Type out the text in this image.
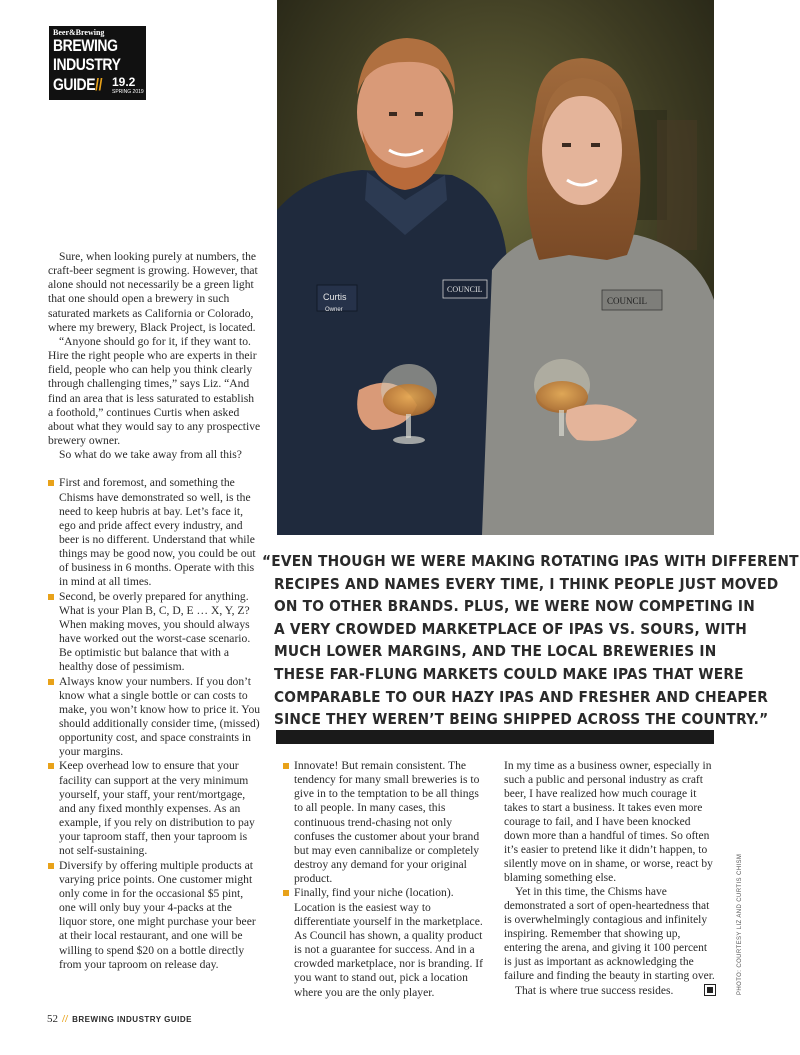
Beer&Brewing
BREWING
INDUSTRY
GUIDE// 19.2
SPRING 2019
Curtis
Owner
COUNCIL
COUNCIL

Sure, when looking purely at numbers, the craft-beer segment is growing. However, that alone should not necessarily be a green light that one should open a brewery in such saturated markets as California or Colorado, where my brewery, Black Project, is located.

“Anyone should go for it, if they want to. Hire the right people who are experts in their field, people who can help you think clearly through challenging times,” says Liz. “And find an area that is less saturated to establish a foothold,” continues Curtis when asked about what they would say to any prospective brewery owner.

So what do we take away from all this?

First and foremost, and something the Chisms have demonstrated so well, is the need to keep hubris at bay. Let’s face it, ego and pride affect every industry, and beer is no different. Understand that while things may be good now, you could be out of business in 6 months. Operate with this in mind at all times.
Second, be overly prepared for anything. What is your Plan B, C, D, E … X, Y, Z? When making moves, you should always have worked out the worst-case scenario. Be optimistic but balance that with a healthy dose of pessimism.
Always know your numbers. If you don’t know what a single bottle or can costs to make, you won’t know how to price it. You should additionally consider time, (missed) opportunity cost, and space constraints in your margins.
Keep overhead low to ensure that your facility can support at the very minimum yourself, your staff, your rent/mortgage, and any fixed monthly expenses. As an example, if you rely on distribution to pay your taproom staff, then your taproom is not self-sustaining.
Diversify by offering multiple products at varying price points. One customer might only come in for the occasional $5 pint, one will only buy your 4-packs at the liquor store, one might purchase your beer at their local restaurant, and one will be willing to spend $20 on a bottle directly from your taproom on release day.
“EVEN THOUGH WE WERE MAKING ROTATING IPAS WITH DIFFERENT
RECIPES AND NAMES EVERY TIME, I THINK PEOPLE JUST MOVED
ON TO OTHER BRANDS. PLUS, WE WERE NOW COMPETING IN
A VERY CROWDED MARKETPLACE OF IPAS VS. SOURS, WITH
MUCH LOWER MARGINS, AND THE LOCAL BREWERIES IN
THESE FAR-FLUNG MARKETS COULD MAKE IPAS THAT WERE
COMPARABLE TO OUR HAZY IPAS AND FRESHER AND CHEAPER
SINCE THEY WEREN’T BEING SHIPPED ACROSS THE COUNTRY.”
Innovate! But remain consistent. The tendency for many small breweries is to give in to the temptation to be all things to all people. In many cases, this continuous trend-chasing not only confuses the customer about your brand but may even cannibalize or completely destroy any demand for your original product.
Finally, find your niche (location). Location is the easiest way to differentiate yourself in the marketplace. As Council has shown, a quality product is not a guarantee for success. And in a crowded marketplace, nor is branding. If you want to stand out, pick a location where you are the only player.

In my time as a business owner, especially in such a public and personal industry as craft beer, I have realized how much courage it takes to start a business. It takes even more courage to fail, and I have been knocked down more than a handful of times. So often it’s easier to pretend like it didn’t happen, to silently move on in shame, or worse, react by blaming something else.

Yet in this time, the Chisms have demonstrated a sort of open-heartedness that is overwhelmingly contagious and infinitely inspiring. Remember that showing up, entering the arena, and giving it 100 percent is just as important as acknowledging the failure and finding the beauty in starting over.

That is where true success resides.	PHOTO: COURTESY LIZ AND CURTIS CHISM
52 // BREWING INDUSTRY GUIDE
